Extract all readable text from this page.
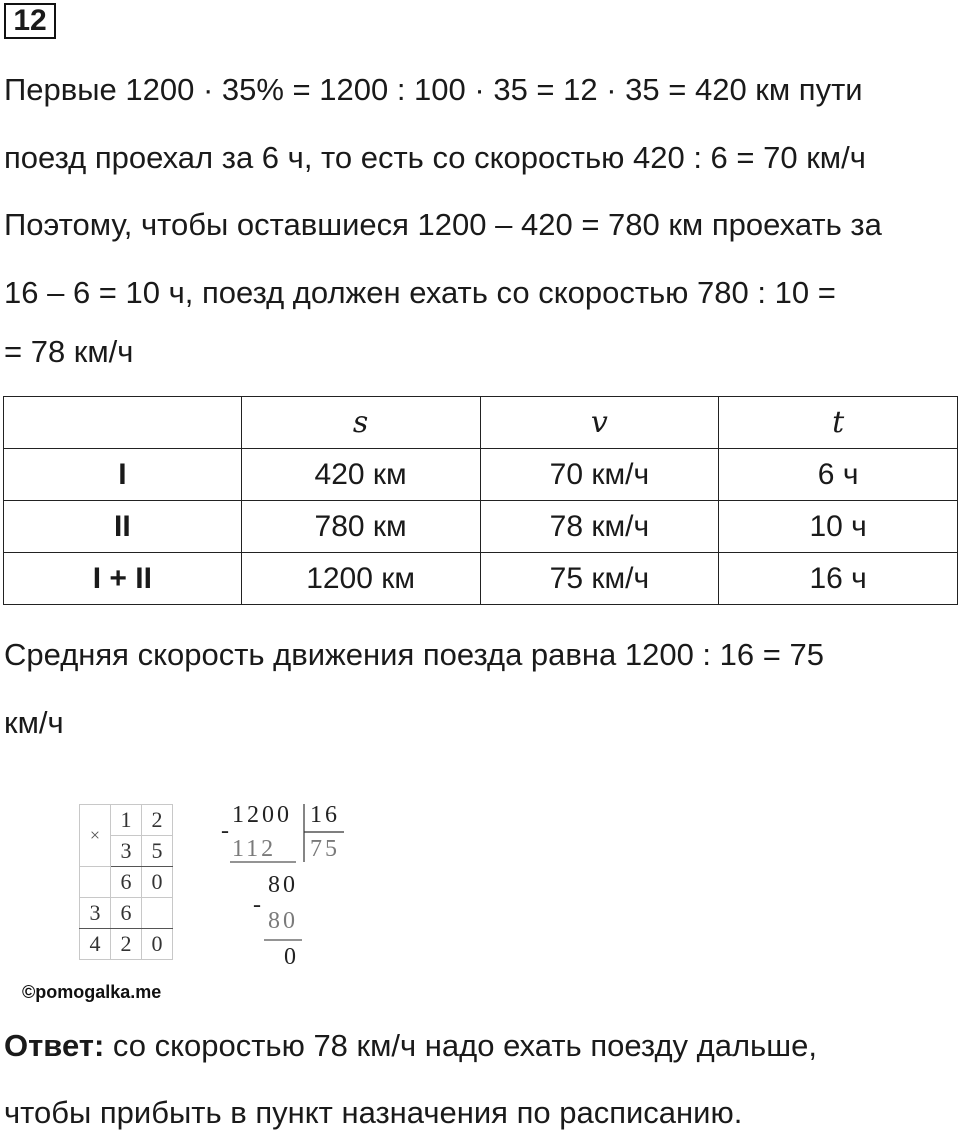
12
Первые 1200 · 35% = 1200 : 100 · 35 = 12 · 35 = 420 км пути
поезд проехал за 6 ч, то есть со скоростью 420 : 6 = 70 км/ч
Поэтому, чтобы оставшиеся 1200 – 420 = 780 км проехать за
16 – 6 = 10 ч, поезд должен ехать со скоростью 780 : 10 =
= 78 км/ч
	s	v	t
I	420 км	70 км/ч	6 ч
II	780 км	78 км/ч	10 ч
I + II	1200 км	75 км/ч	16 ч
Средняя скорость движения поезда равна 1200 : 16 = 75
км/ч
×	1	2
	3	5
	6	0
3	6	
4	2	0
1200 16
-
112 75
80
-
80
0
©pomogalka.me
Ответ: со скоростью 78 км/ч надо ехать поезду дальше,
чтобы прибыть в пункт назначения по расписанию.
